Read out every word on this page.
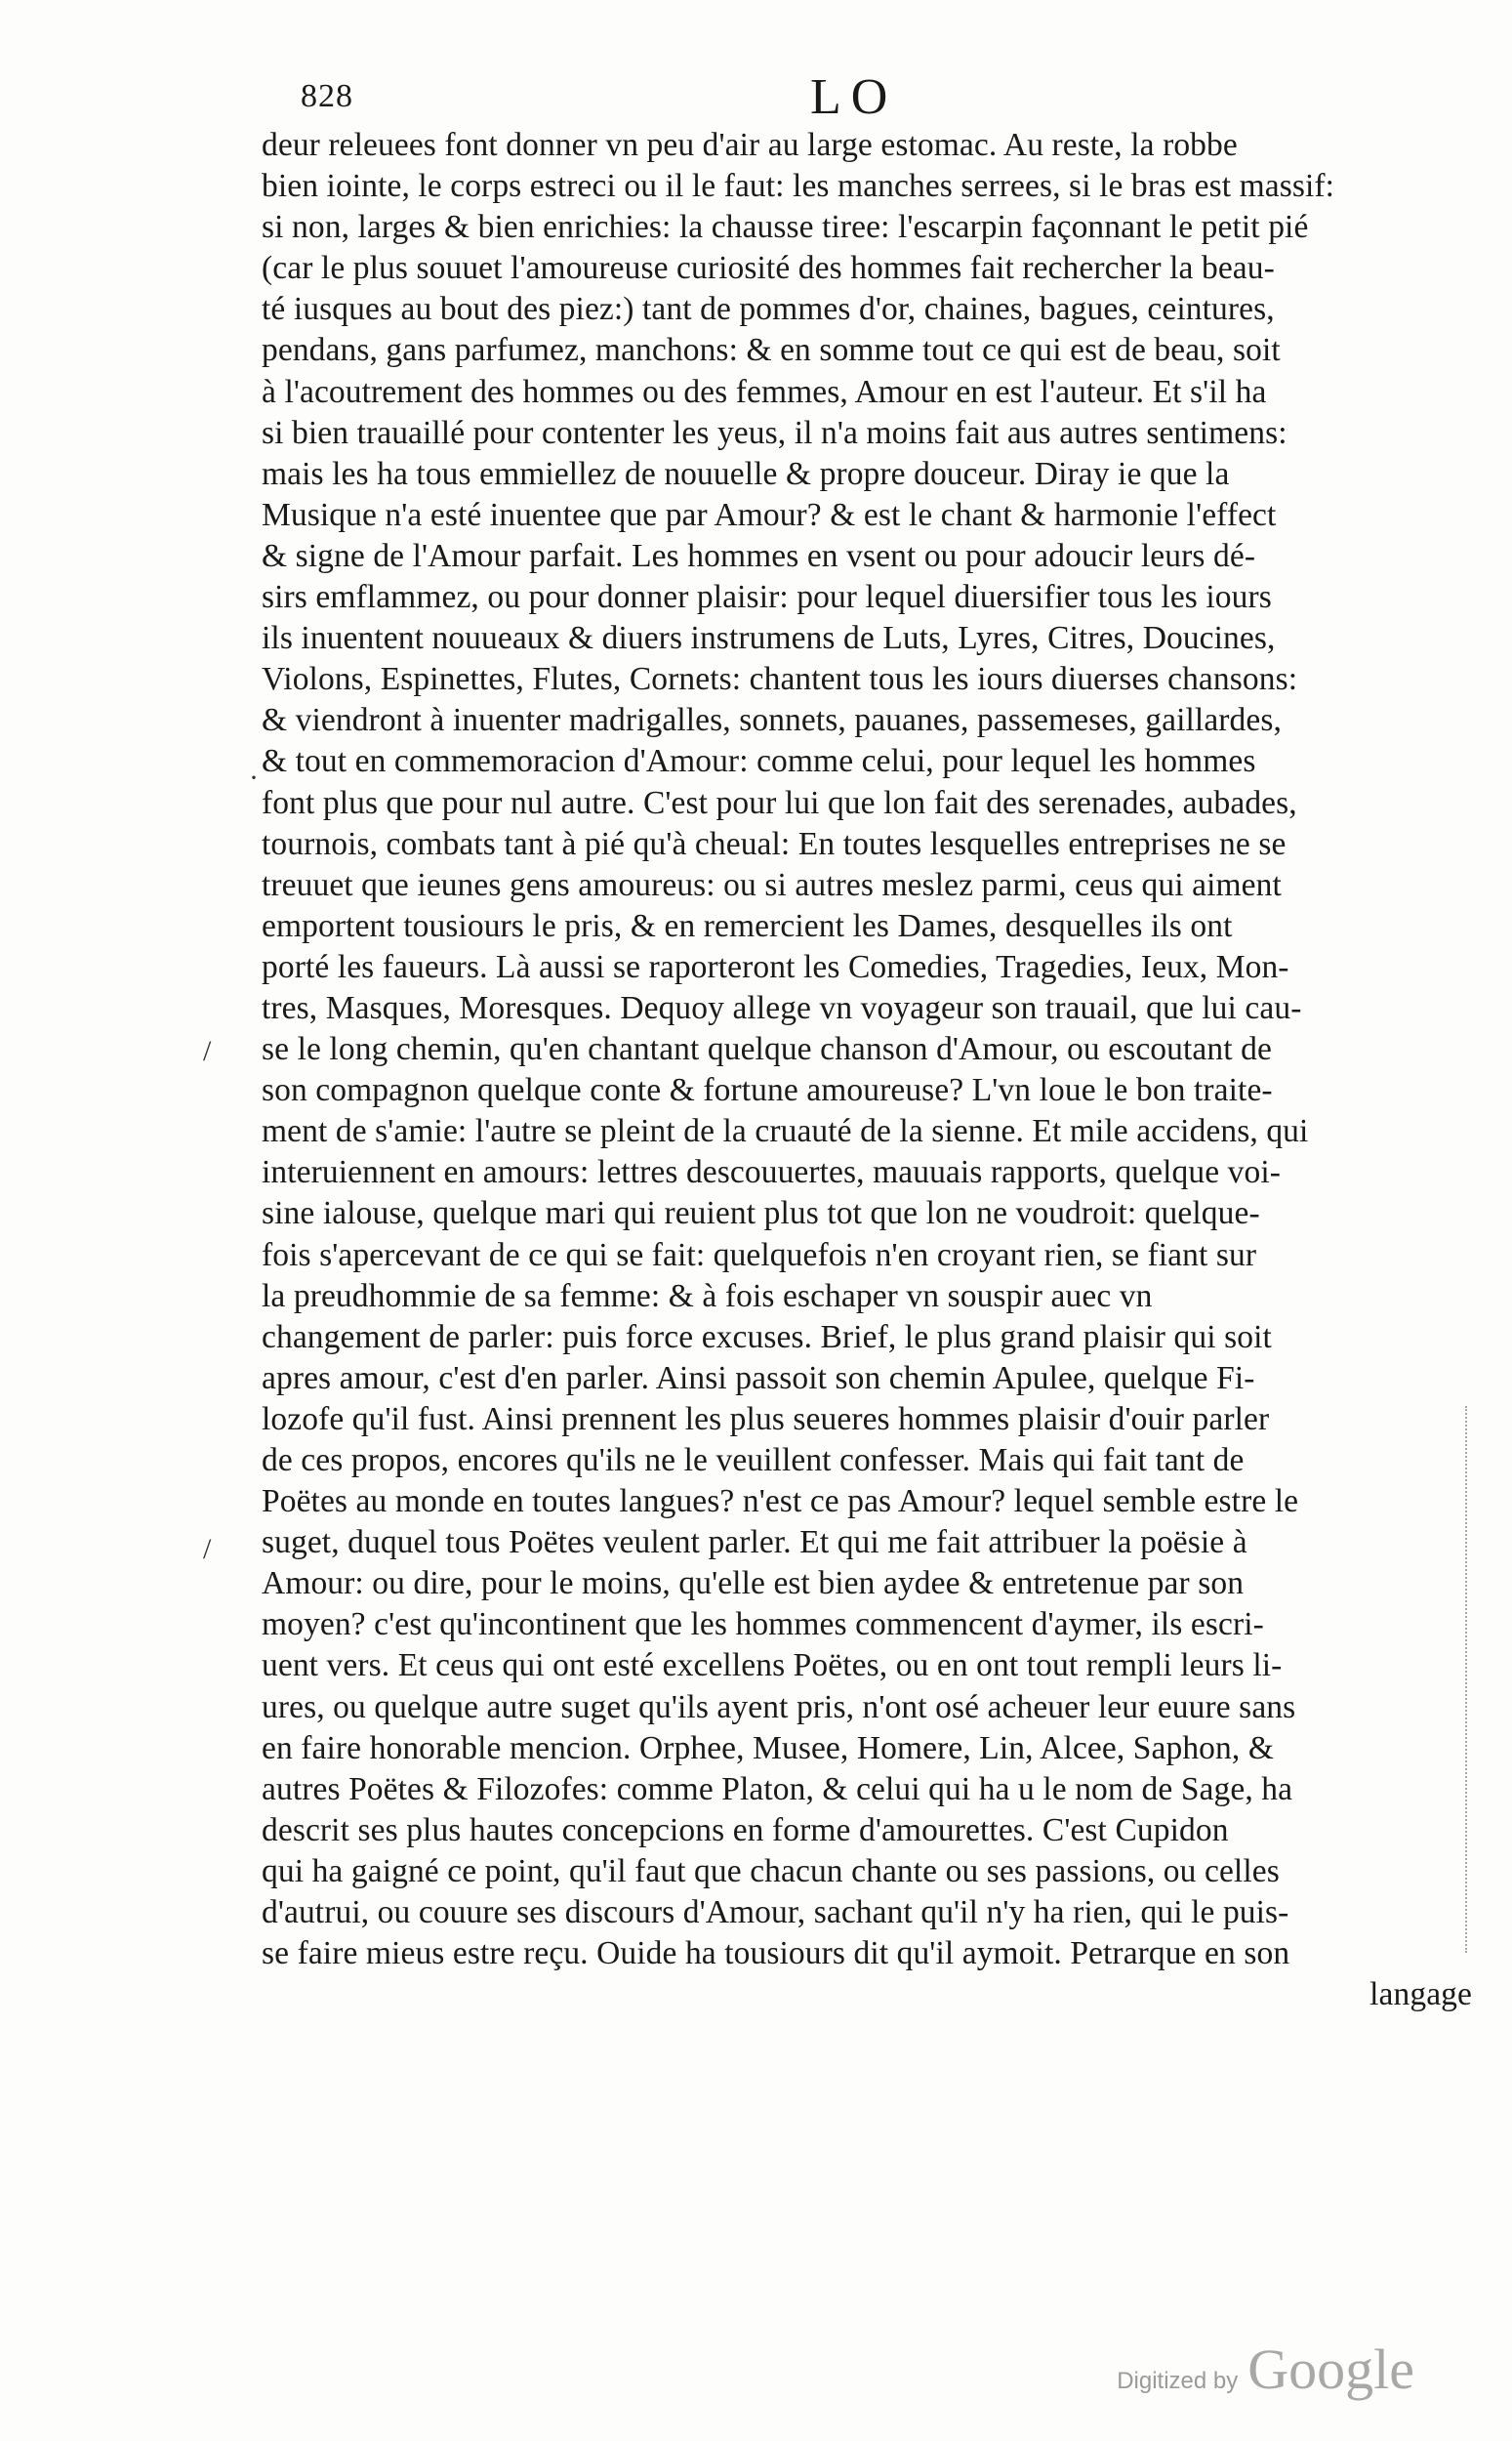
828	LO
deur releuees font donner vn peu d'air au large estomac. Au reste, la robbe
bien iointe, le corps estreci ou il le faut: les manches serrees, si le bras est massif:
si non, larges & bien enrichies: la chausse tiree: l'escarpin façonnant le petit pié
(car le plus souuet l'amoureuse curiosité des hommes fait rechercher la beau-
té iusques au bout des piez:) tant de pommes d'or, chaines, bagues, ceintures,
pendans, gans parfumez, manchons: & en somme tout ce qui est de beau, soit
à l'acoutrement des hommes ou des femmes, Amour en est l'auteur. Et s'il ha
si bien trauaillé pour contenter les yeus, il n'a moins fait aus autres sentimens:
mais les ha tous emmiellez de nouuelle & propre douceur. Diray ie que la
Musique n'a esté inuentee que par Amour? & est le chant & harmonie l'effect
& signe de l'Amour parfait. Les hommes en vsent ou pour adoucir leurs dé-
sirs emflammez, ou pour donner plaisir: pour lequel diuersifier tous les iours
ils inuentent nouueaux & diuers instrumens de Luts, Lyres, Citres, Doucines,
Violons, Espinettes, Flutes, Cornets: chantent tous les iours diuerses chansons:
& viendront à inuenter madrigalles, sonnets, pauanes, passemeses, gaillardes,
& tout en commemoracion d'Amour: comme celui, pour lequel les hommes
font plus que pour nul autre. C'est pour lui que lon fait des serenades, aubades,
tournois, combats tant à pié qu'à cheual: En toutes lesquelles entreprises ne se
treuuet que ieunes gens amoureus: ou si autres meslez parmi, ceus qui aiment
emportent tousiours le pris, & en remercient les Dames, desquelles ils ont
porté les faueurs. Là aussi se raporteront les Comedies, Tragedies, Ieux, Mon-
tres, Masques, Moresques. Dequoy allege vn voyageur son trauail, que lui cau-
se le long chemin, qu'en chantant quelque chanson d'Amour, ou escoutant de
son compagnon quelque conte & fortune amoureuse? L'vn loue le bon traite-
ment de s'amie: l'autre se pleint de la cruauté de la sienne. Et mile accidens, qui
interuiennent en amours: lettres descouuertes, mauuais rapports, quelque voi-
sine ialouse, quelque mari qui reuient plus tot que lon ne voudroit: quelque-
fois s'apercevant de ce qui se fait: quelquefois n'en croyant rien, se fiant sur
la preudhommie de sa femme: & à fois eschaper vn souspir auec vn
changement de parler: puis force excuses. Brief, le plus grand plaisir qui soit
apres amour, c'est d'en parler. Ainsi passoit son chemin Apulee, quelque Fi-
lozofe qu'il fust. Ainsi prennent les plus seueres hommes plaisir d'ouir parler
de ces propos, encores qu'ils ne le veuillent confesser. Mais qui fait tant de
Poëtes au monde en toutes langues? n'est ce pas Amour? lequel semble estre le
suget, duquel tous Poëtes veulent parler. Et qui me fait attribuer la poësie à
Amour: ou dire, pour le moins, qu'elle est bien aydee & entretenue par son
moyen? c'est qu'incontinent que les hommes commencent d'aymer, ils escri-
uent vers. Et ceus qui ont esté excellens Poëtes, ou en ont tout rempli leurs li-
ures, ou quelque autre suget qu'ils ayent pris, n'ont osé acheuer leur euure sans
en faire honorable mencion. Orphee, Musee, Homere, Lin, Alcee, Saphon, &
autres Poëtes & Filozofes: comme Platon, & celui qui ha u le nom de Sage, ha
descrit ses plus hautes concepcions en forme d'amourettes. C'est Cupidon
qui ha gaigné ce point, qu'il faut que chacun chante ou ses passions, ou celles
d'autrui, ou couure ses discours d'Amour, sachant qu'il n'y ha rien, qui le puis-
se faire mieus estre reçu. Ouide ha tousiours dit qu'il aymoit. Petrarque en son
langage
/
/
·
Digitized by Google
